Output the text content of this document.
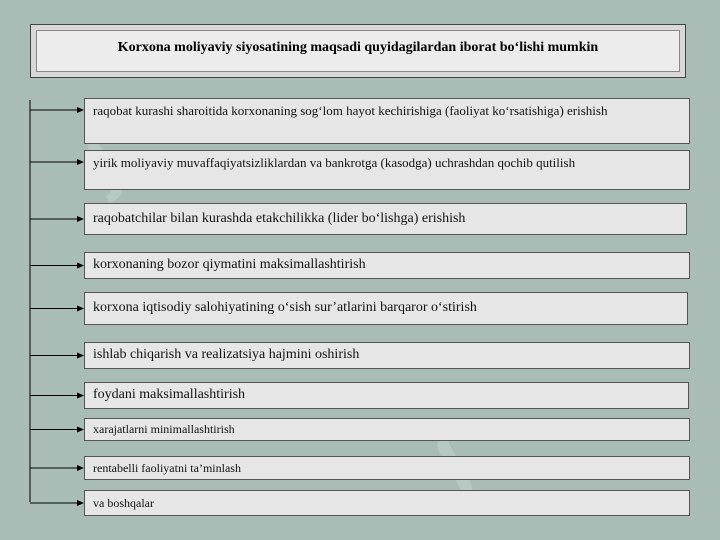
Korxona moliyaviy siyosatining maqsadi quyidagilardan iborat bo‘lishi mumkin
raqobat kurashi sharoitida korxonaning sog‘lom hayot kechirishiga (faoliyat ko‘rsatishiga) erishish
yirik moliyaviy muvaffaqiyatsizliklardan va bankrotga (kasodga) uchrashdan qochib qutilish
raqobatchilar bilan kurashda etakchilikka (lider bo‘lishga) erishish
korxonaning bozor qiymatini maksimallashtirish
korxona iqtisodiy salohiyatining o‘sish sur’atlarini barqaror o‘stirish
ishlab chiqarish va realizatsiya hajmini oshirish
foydani maksimallashtirish
xarajatlarni minimallashtirish
rentabelli faoliyatni ta’minlash
va boshqalar
